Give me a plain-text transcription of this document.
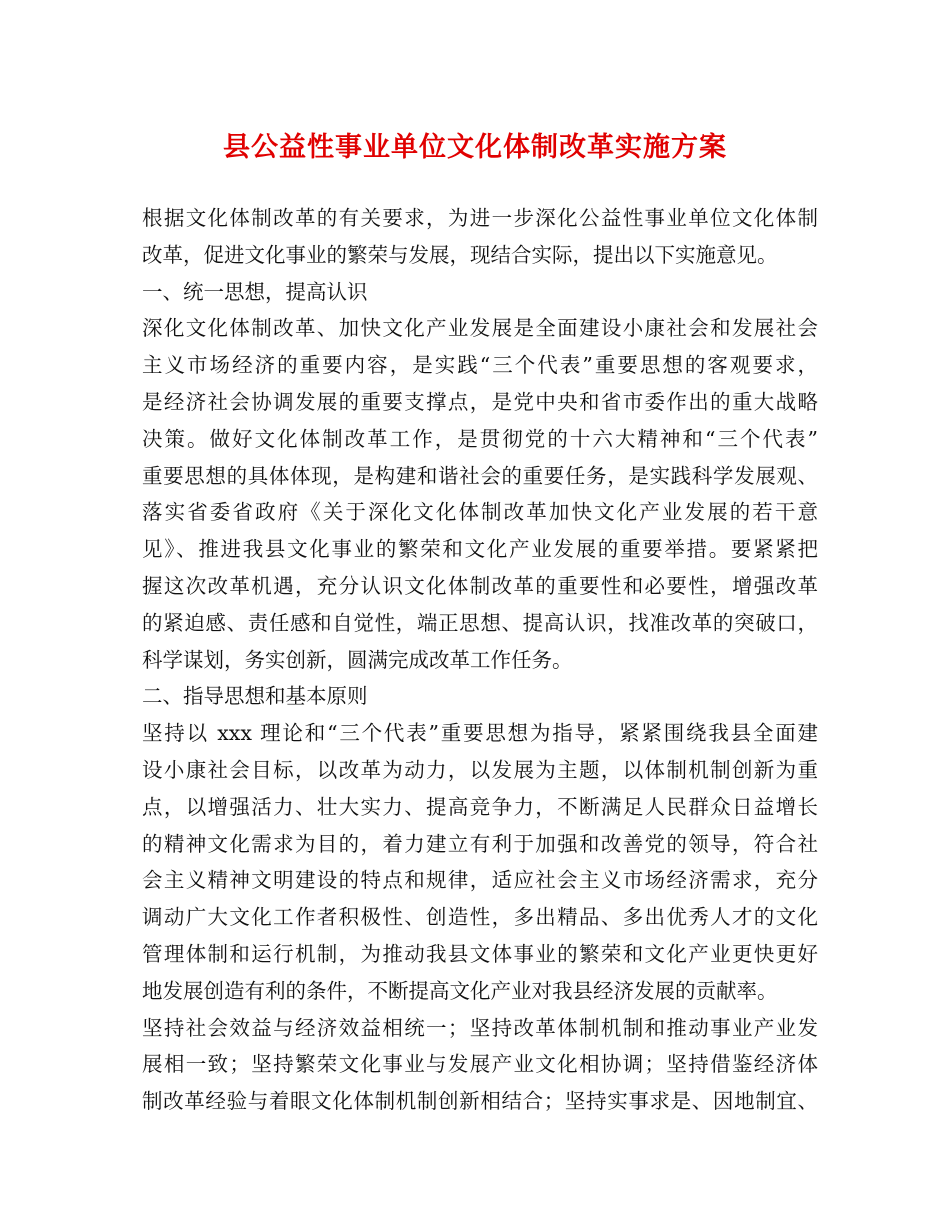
县公益性事业单位文化体制改革实施方案
根据文化体制改革的有关要求，为进一步深化公益性事业单位文化体制
改革，促进文化事业的繁荣与发展，现结合实际，提出以下实施意见。
一、统一思想，提高认识
深化文化体制改革、加快文化产业发展是全面建设小康社会和发展社会
主义市场经济的重要内容，是实践“三个代表”重要思想的客观要求，
是经济社会协调发展的重要支撑点，是党中央和省市委作出的重大战略
决策。做好文化体制改革工作，是贯彻党的十六大精神和“三个代表”
重要思想的具体体现，是构建和谐社会的重要任务，是实践科学发展观、
落实省委省政府《关于深化文化体制改革加快文化产业发展的若干意
见》、推进我县文化事业的繁荣和文化产业发展的重要举措。要紧紧把
握这次改革机遇，充分认识文化体制改革的重要性和必要性，增强改革
的紧迫感、责任感和自觉性，端正思想、提高认识，找准改革的突破口，
科学谋划，务实创新，圆满完成改革工作任务。
二、指导思想和基本原则
坚持以 xxx 理论和“三个代表”重要思想为指导，紧紧围绕我县全面建
设小康社会目标，以改革为动力，以发展为主题，以体制机制创新为重
点，以增强活力、壮大实力、提高竞争力，不断满足人民群众日益增长
的精神文化需求为目的，着力建立有利于加强和改善党的领导，符合社
会主义精神文明建设的特点和规律，适应社会主义市场经济需求，充分
调动广大文化工作者积极性、创造性，多出精品、多出优秀人才的文化
管理体制和运行机制，为推动我县文体事业的繁荣和文化产业更快更好
地发展创造有利的条件，不断提高文化产业对我县经济发展的贡献率。
坚持社会效益与经济效益相统一；坚持改革体制机制和推动事业产业发
展相一致；坚持繁荣文化事业与发展产业文化相协调；坚持借鉴经济体
制改革经验与着眼文化体制机制创新相结合；坚持实事求是、因地制宜、
